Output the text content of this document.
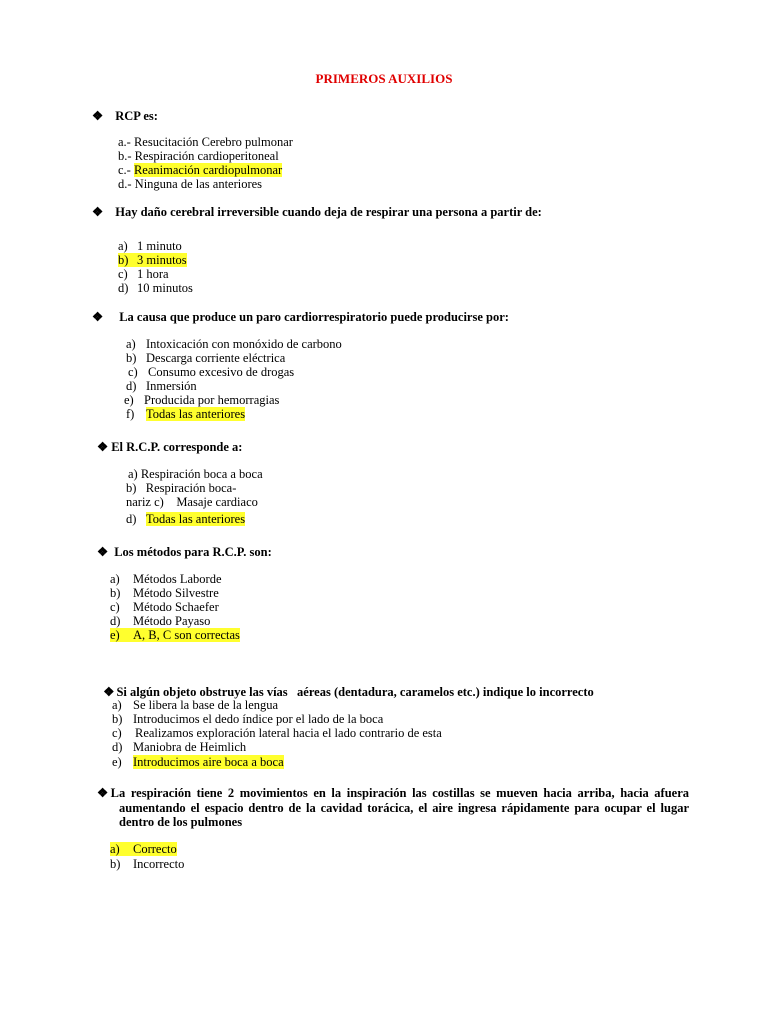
PRIMEROS AUXILIOS
❖ RCP es:
a.- Resucitación Cerebro pulmonar
b.- Respiración cardioperitoneal
c.- Reanimación cardiopulmonar
d.- Ninguna de las anteriores
❖ Hay daño cerebral irreversible cuando deja de respirar una persona a partir de:
a) 1 minuto
b) 3 minutos
c) 1 hora
d) 10 minutos
❖ La causa que produce un paro cardiorrespiratorio puede producirse por:
a) Intoxicación con monóxido de carbono
b) Descarga corriente eléctrica
c) Consumo excesivo de drogas
d) Inmersión
e) Producida por hemorragias
f) Todas las anteriores
❖ El R.C.P. corresponde a:
a) Respiración boca a boca
b)   Respiración boca-
nariz c)    Masaje cardiaco
d) Todas las anteriores
❖ Los métodos para R.C.P. son:
a) Métodos Laborde
b) Método Silvestre
c) Método Schaefer
d) Método Payaso
e) A, B, C son correctas

❖ Si algún objeto obstruye las vías   aéreas (dentadura, caramelos etc.) indique lo incorrecto

a) Se libera la base de la lengua
b) Introducimos el dedo índice por el lado de la boca
c) Realizamos exploración lateral hacia el lado contrario de esta
d) Maniobra de Heimlich
e) Introducimos aire boca a boca
❖La respiración tiene 2 movimientos en la inspiración las costillas se mueven hacia arriba, hacia afuera
aumentando el espacio dentro de la cavidad torácica, el aire ingresa rápidamente para ocupar el lugar
dentro de los pulmones
a) Correcto
b) Incorrecto
